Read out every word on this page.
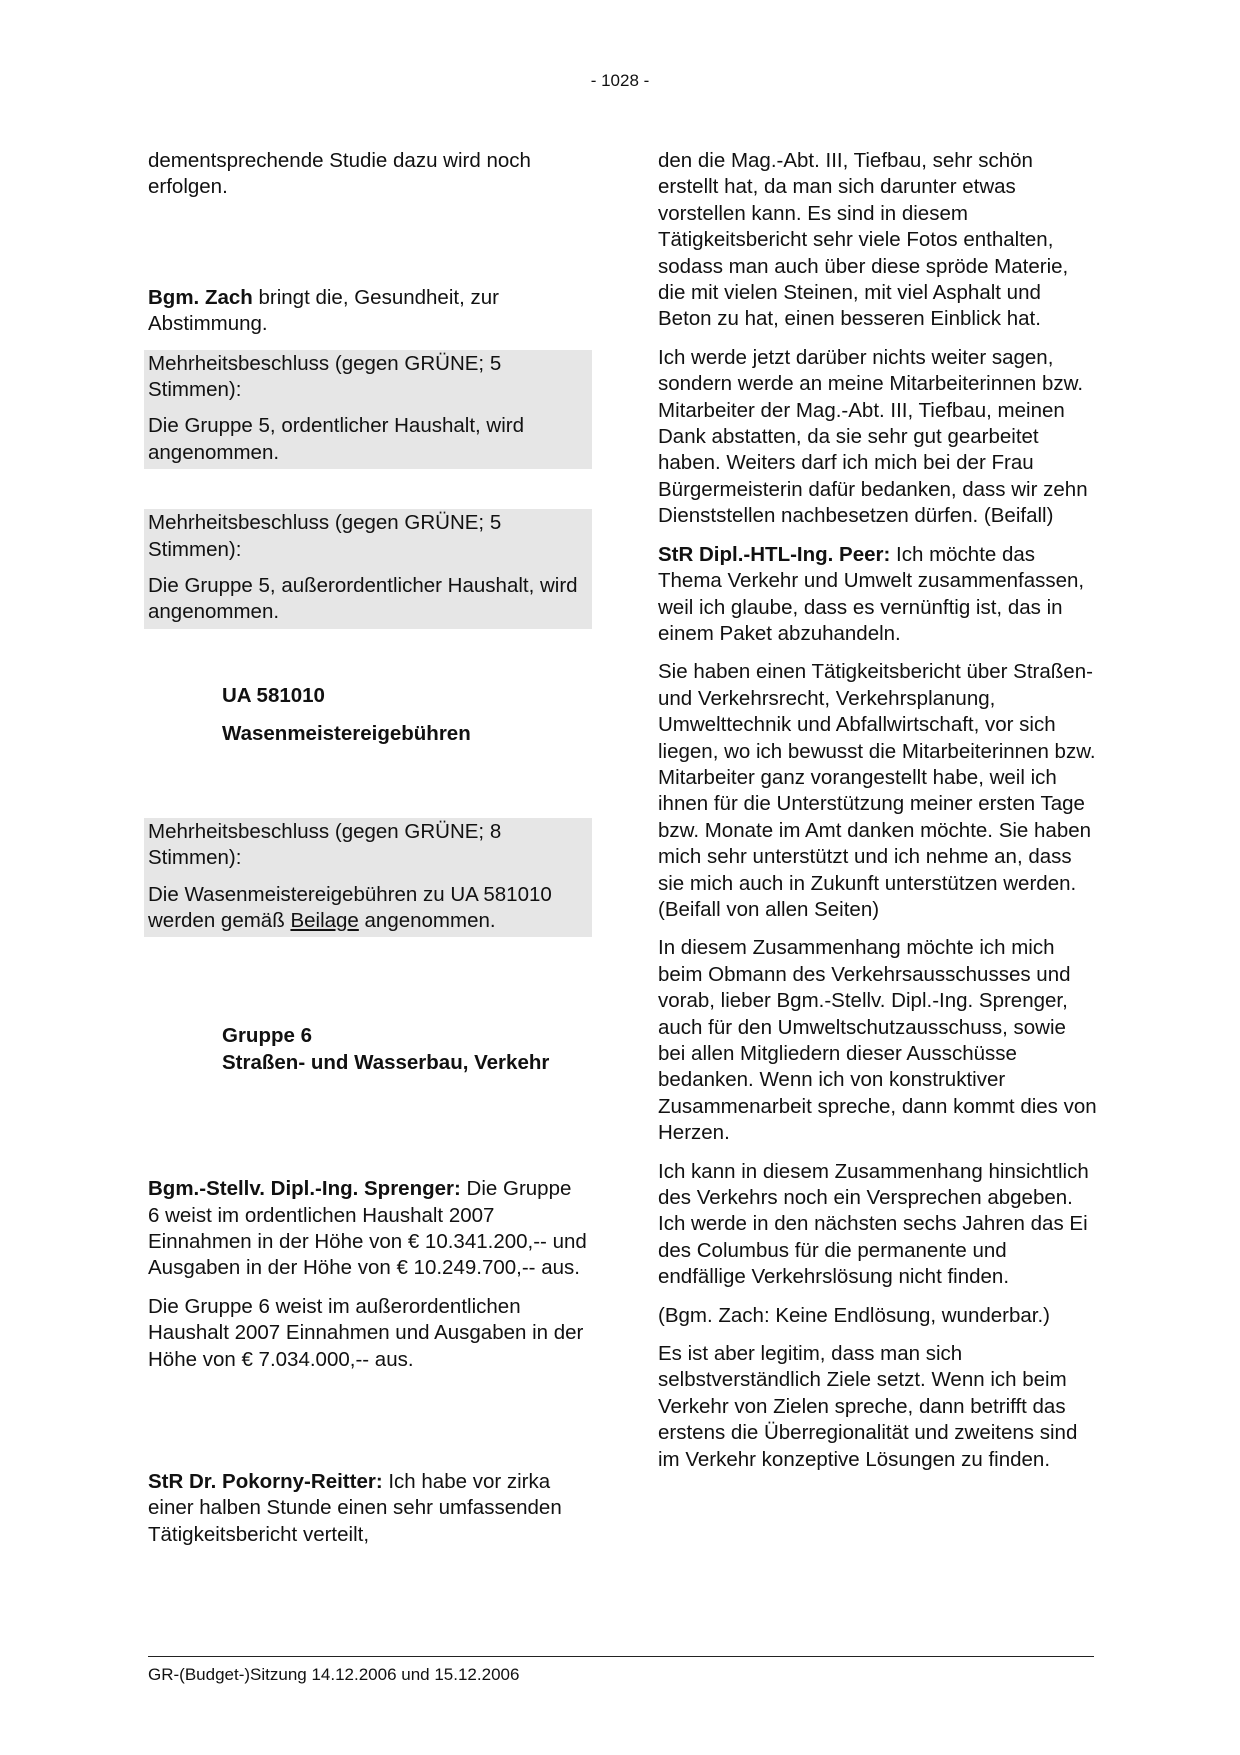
- 1028 -

dementsprechende Studie dazu wird noch erfolgen.

Bgm. Zach bringt die, Gesundheit, zur Abstimmung.

Mehrheitsbeschluss (gegen GRÜNE; 5 Stimmen):

Die Gruppe 5, ordentlicher Haushalt, wird angenommen.

Mehrheitsbeschluss (gegen GRÜNE; 5 Stimmen):

Die Gruppe 5, außerordentlicher Haushalt, wird angenommen.

UA 581010

Wasenmeistereigebühren

Mehrheitsbeschluss (gegen GRÜNE; 8 Stimmen):

Die Wasenmeistereigebühren zu UA 581010 werden gemäß Beilage angenommen.

Gruppe 6

Straßen- und Wasserbau, Verkehr

Bgm.-Stellv. Dipl.-Ing. Sprenger: Die Gruppe 6 weist im ordentlichen Haushalt 2007 Einnahmen in der Höhe von € 10.341.200,-- und Ausgaben in der Höhe von € 10.249.700,-- aus.

Die Gruppe 6 weist im außerordentlichen Haushalt 2007 Einnahmen und Ausgaben in der Höhe von € 7.034.000,-- aus.

StR Dr. Pokorny-Reitter: Ich habe vor zirka einer halben Stunde einen sehr umfassenden Tätigkeitsbericht verteilt,

den die Mag.-Abt. III, Tiefbau, sehr schön erstellt hat, da man sich darunter etwas vorstellen kann. Es sind in diesem Tätigkeitsbericht sehr viele Fotos enthalten, sodass man auch über diese spröde Materie, die mit vielen Steinen, mit viel Asphalt und Beton zu hat, einen besseren Einblick hat.

Ich werde jetzt darüber nichts weiter sagen, sondern werde an meine Mitarbeiterinnen bzw. Mitarbeiter der Mag.-Abt. III, Tiefbau, meinen Dank abstatten, da sie sehr gut gearbeitet haben. Weiters darf ich mich bei der Frau Bürgermeisterin dafür bedanken, dass wir zehn Dienststellen nachbesetzen dürfen. (Beifall)

StR Dipl.-HTL-Ing. Peer: Ich möchte das Thema Verkehr und Umwelt zusammenfassen, weil ich glaube, dass es vernünftig ist, das in einem Paket abzuhandeln.

Sie haben einen Tätigkeitsbericht über Straßen- und Verkehrsrecht, Verkehrsplanung, Umwelttechnik und Abfallwirtschaft, vor sich liegen, wo ich bewusst die Mitarbeiterinnen bzw. Mitarbeiter ganz vorangestellt habe, weil ich ihnen für die Unterstützung meiner ersten Tage bzw. Monate im Amt danken möchte. Sie haben mich sehr unterstützt und ich nehme an, dass sie mich auch in Zukunft unterstützen werden. (Beifall von allen Seiten)

In diesem Zusammenhang möchte ich mich beim Obmann des Verkehrsausschusses und vorab, lieber Bgm.-Stellv. Dipl.-Ing. Sprenger, auch für den Umweltschutzausschuss, sowie bei allen Mitgliedern dieser Ausschüsse bedanken. Wenn ich von konstruktiver Zusammenarbeit spreche, dann kommt dies von Herzen.

Ich kann in diesem Zusammenhang hinsichtlich des Verkehrs noch ein Versprechen abgeben. Ich werde in den nächsten sechs Jahren das Ei des Columbus für die permanente und endfällige Verkehrslösung nicht finden.

(Bgm. Zach: Keine Endlösung, wunderbar.)

Es ist aber legitim, dass man sich selbstverständlich Ziele setzt. Wenn ich beim Verkehr von Zielen spreche, dann betrifft das erstens die Überregionalität und zweitens sind im Verkehr konzeptive Lösungen zu finden.

GR-(Budget-)Sitzung 14.12.2006 und 15.12.2006
